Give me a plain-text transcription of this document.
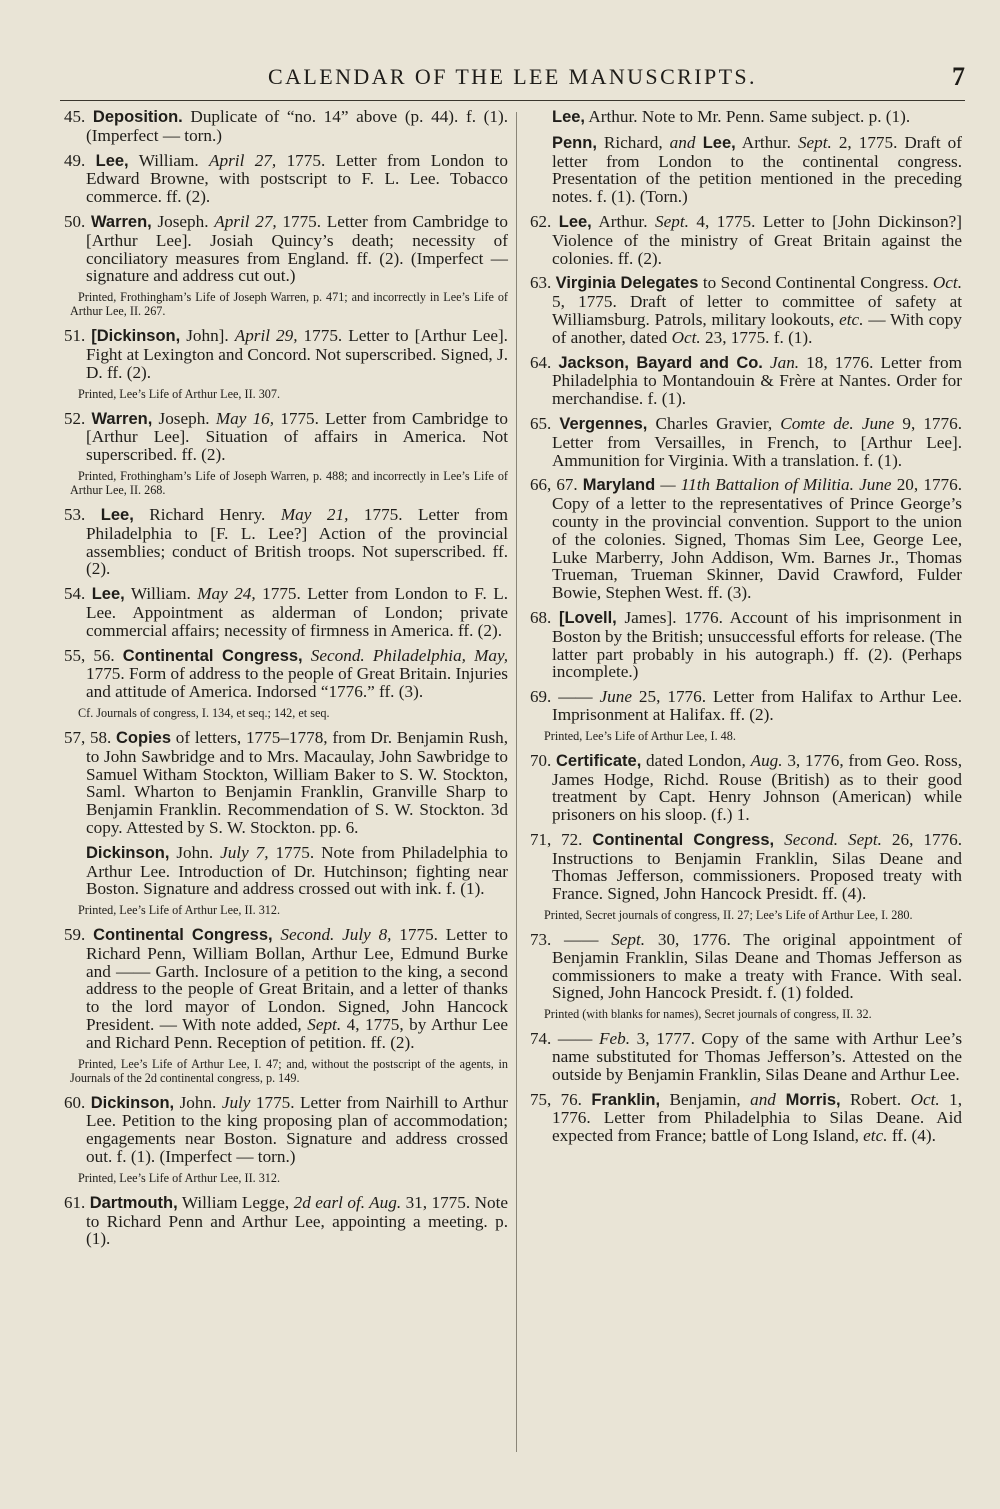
CALENDAR OF THE LEE MANUSCRIPTS.	7

45. Deposition. Duplicate of “no. 14” above (p. 44). f. (1). (Imperfect — torn.)

49. Lee, William. April 27, 1775. Letter from London to Edward Browne, with postscript to F. L. Lee. Tobacco commerce. ff. (2).

50. Warren, Joseph. April 27, 1775. Letter from Cambridge to [Arthur Lee]. Josiah Quincy’s death; necessity of conciliatory measures from England. ff. (2). (Imperfect — signature and address cut out.)

Printed, Frothingham’s Life of Joseph Warren, p. 471; and incorrectly in Lee’s Life of Arthur Lee, II. 267.

51. [Dickinson, John]. April 29, 1775. Letter to [Arthur Lee]. Fight at Lexington and Concord. Not superscribed. Signed, J. D. ff. (2).

Printed, Lee’s Life of Arthur Lee, II. 307.

52. Warren, Joseph. May 16, 1775. Letter from Cambridge to [Arthur Lee]. Situation of affairs in America. Not superscribed. ff. (2).

Printed, Frothingham’s Life of Joseph Warren, p. 488; and incorrectly in Lee’s Life of Arthur Lee, II. 268.

53. Lee, Richard Henry. May 21, 1775. Letter from Philadelphia to [F. L. Lee?] Action of the provincial assemblies; conduct of British troops. Not superscribed. ff. (2).

54. Lee, William. May 24, 1775. Letter from London to F. L. Lee. Appointment as alderman of London; private commercial affairs; necessity of firmness in America. ff. (2).

55, 56. Continental Congress, Second. Philadelphia, May, 1775. Form of address to the people of Great Britain. Injuries and attitude of America. Indorsed “1776.” ff. (3).

Cf. Journals of congress, I. 134, et seq.; 142, et seq.

57, 58. Copies of letters, 1775–1778, from Dr. Benjamin Rush, to John Sawbridge and to Mrs. Macaulay, John Sawbridge to Samuel Witham Stockton, William Baker to S. W. Stockton, Saml. Wharton to Benjamin Franklin, Granville Sharp to Benjamin Franklin. Recommendation of S. W. Stockton. 3d copy. Attested by S. W. Stockton. pp. 6.

Dickinson, John. July 7, 1775. Note from Philadelphia to Arthur Lee. Introduction of Dr. Hutchinson; fighting near Boston. Signature and address crossed out with ink. f. (1).

Printed, Lee’s Life of Arthur Lee, II. 312.

59. Continental Congress, Second. July 8, 1775. Letter to Richard Penn, William Bollan, Arthur Lee, Edmund Burke and —— Garth. Inclosure of a petition to the king, a second address to the people of Great Britain, and a letter of thanks to the lord mayor of London. Signed, John Hancock President. — With note added, Sept. 4, 1775, by Arthur Lee and Richard Penn. Reception of petition. ff. (2).

Printed, Lee’s Life of Arthur Lee, I. 47; and, without the postscript of the agents, in Journals of the 2d continental congress, p. 149.

60. Dickinson, John. July 1775. Letter from Nairhill to Arthur Lee. Petition to the king proposing plan of accommodation; engagements near Boston. Signature and address crossed out. f. (1). (Imperfect — torn.)

Printed, Lee’s Life of Arthur Lee, II. 312.

61. Dartmouth, William Legge, 2d earl of. Aug. 31, 1775. Note to Richard Penn and Arthur Lee, appointing a meeting. p. (1).

Lee, Arthur. Note to Mr. Penn. Same subject. p. (1).

Penn, Richard, and Lee, Arthur. Sept. 2, 1775. Draft of letter from London to the continental congress. Presentation of the petition mentioned in the preceding notes. f. (1). (Torn.)

62. Lee, Arthur. Sept. 4, 1775. Letter to [John Dickinson?] Violence of the ministry of Great Britain against the colonies. ff. (2).

63. Virginia Delegates to Second Continental Congress. Oct. 5, 1775. Draft of letter to committee of safety at Williamsburg. Patrols, military lookouts, etc. — With copy of another, dated Oct. 23, 1775. f. (1).

64. Jackson, Bayard and Co. Jan. 18, 1776. Letter from Philadelphia to Montandouin & Frère at Nantes. Order for merchandise. f. (1).

65. Vergennes, Charles Gravier, Comte de. June 9, 1776. Letter from Versailles, in French, to [Arthur Lee]. Ammunition for Virginia. With a translation. f. (1).

66, 67. Maryland — 11th Battalion of Militia. June 20, 1776. Copy of a letter to the representatives of Prince George’s county in the provincial convention. Support to the union of the colonies. Signed, Thomas Sim Lee, George Lee, Luke Marberry, John Addison, Wm. Barnes Jr., Thomas Trueman, Trueman Skinner, David Crawford, Fulder Bowie, Stephen West. ff. (3).

68. [Lovell, James]. 1776. Account of his imprisonment in Boston by the British; unsuccessful efforts for release. (The latter part probably in his autograph.) ff. (2). (Perhaps incomplete.)

69. —— June 25, 1776. Letter from Halifax to Arthur Lee. Imprisonment at Halifax. ff. (2).

Printed, Lee’s Life of Arthur Lee, I. 48.

70. Certificate, dated London, Aug. 3, 1776, from Geo. Ross, James Hodge, Richd. Rouse (British) as to their good treatment by Capt. Henry Johnson (American) while prisoners on his sloop. (f.) 1.

71, 72. Continental Congress, Second. Sept. 26, 1776. Instructions to Benjamin Franklin, Silas Deane and Thomas Jefferson, commissioners. Proposed treaty with France. Signed, John Hancock Presidt. ff. (4).

Printed, Secret journals of congress, II. 27; Lee’s Life of Arthur Lee, I. 280.

73. —— Sept. 30, 1776. The original appointment of Benjamin Franklin, Silas Deane and Thomas Jefferson as commissioners to make a treaty with France. With seal. Signed, John Hancock Presidt. f. (1) folded.

Printed (with blanks for names), Secret journals of congress, II. 32.

74. —— Feb. 3, 1777. Copy of the same with Arthur Lee’s name substituted for Thomas Jefferson’s. Attested on the outside by Benjamin Franklin, Silas Deane and Arthur Lee.

75, 76. Franklin, Benjamin, and Morris, Robert. Oct. 1, 1776. Letter from Philadelphia to Silas Deane. Aid expected from France; battle of Long Island, etc. ff. (4).
